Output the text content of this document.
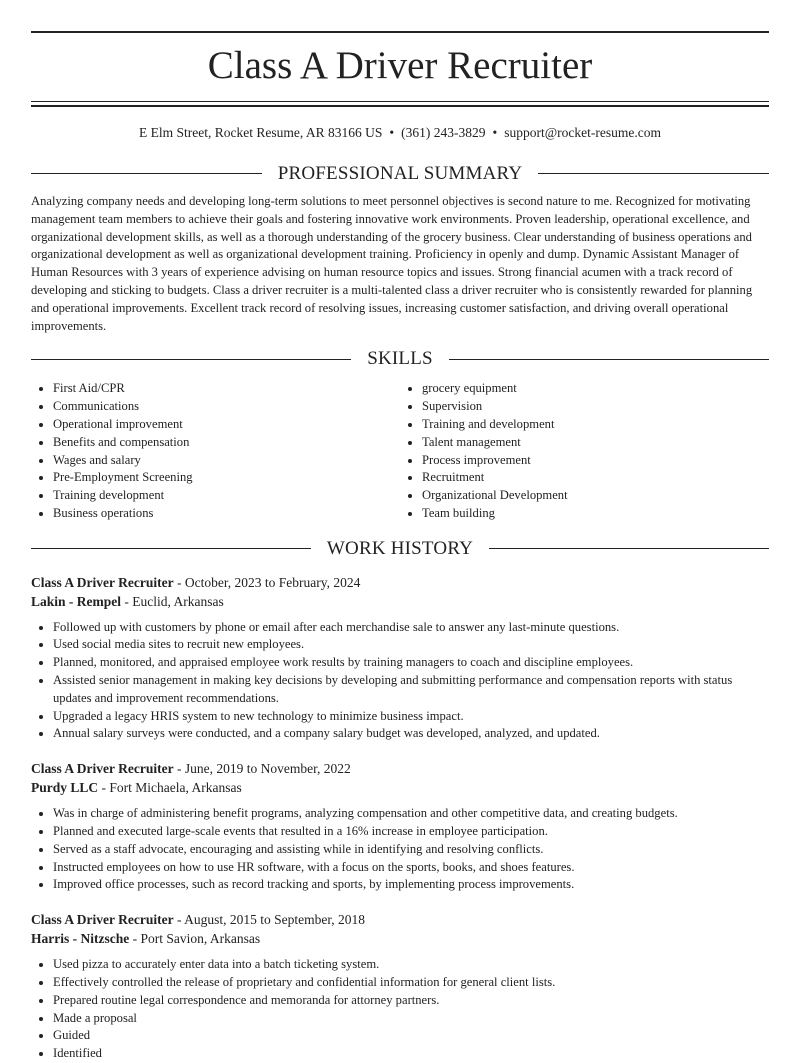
Class A Driver Recruiter
E Elm Street, Rocket Resume, AR 83166 US • (361) 243-3829 • support@rocket-resume.com
PROFESSIONAL SUMMARY

Analyzing company needs and developing long-term solutions to meet personnel objectives is second nature to me. Recognized for motivating management team members to achieve their goals and fostering innovative work environments. Proven leadership, operational excellence, and organizational development skills, as well as a thorough understanding of the grocery business. Clear understanding of business operations and organizational development as well as organizational development training. Proficiency in openly and dump. Dynamic Assistant Manager of Human Resources with 3 years of experience advising on human resource topics and issues. Strong financial acumen with a track record of developing and sticking to budgets. Class a driver recruiter is a multi-talented class a driver recruiter who is consistently rewarded for planning and operational improvements. Excellent track record of resolving issues, increasing customer satisfaction, and driving overall operational improvements.

SKILLS
• First Aid/CPR
• Communications
• Operational improvement
• Benefits and compensation
• Wages and salary
• Pre-Employment Screening
• Training development
• Business operations
• grocery equipment
• Supervision
• Training and development
• Talent management
• Process improvement
• Recruitment
• Organizational Development
• Team building
WORK HISTORY
Class A Driver Recruiter - October, 2023 to February, 2024
Lakin - Rempel - Euclid, Arkansas
• Followed up with customers by phone or email after each merchandise sale to answer any last-minute questions.
• Used social media sites to recruit new employees.
• Planned, monitored, and appraised employee work results by training managers to coach and discipline employees.
• Assisted senior management in making key decisions by developing and submitting performance and compensation reports with status updates and improvement recommendations.
• Upgraded a legacy HRIS system to new technology to minimize business impact.
• Annual salary surveys were conducted, and a company salary budget was developed, analyzed, and updated.
Class A Driver Recruiter - June, 2019 to November, 2022
Purdy LLC - Fort Michaela, Arkansas
• Was in charge of administering benefit programs, analyzing compensation and other competitive data, and creating budgets.
• Planned and executed large-scale events that resulted in a 16% increase in employee participation.
• Served as a staff advocate, encouraging and assisting while in identifying and resolving conflicts.
• Instructed employees on how to use HR software, with a focus on the sports, books, and shoes features.
• Improved office processes, such as record tracking and sports, by implementing process improvements.
Class A Driver Recruiter - August, 2015 to September, 2018
Harris - Nitzsche - Port Savion, Arkansas
• Used pizza to accurately enter data into a batch ticketing system.
• Effectively controlled the release of proprietary and confidential information for general client lists.
• Prepared routine legal correspondence and memoranda for attorney partners.
• Made a proposal
• Guided
• Identified
